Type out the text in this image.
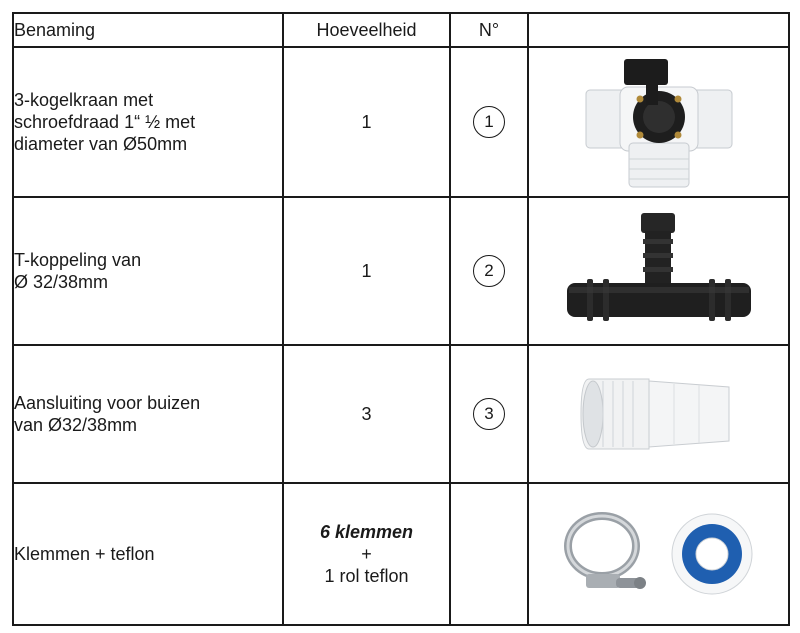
Benaming	Hoeveelheid	N°	

3-kogelkraan met
schroefdraad 1“ ½ met
diameter van Ø50mm	1	1	

T-koppeling van
Ø 32/38mm	1	2	

Aansluiting voor buizen
van Ø32/38mm	3	3	

Klemmen + teflon	6 klemmen
+
1 rol teflon
